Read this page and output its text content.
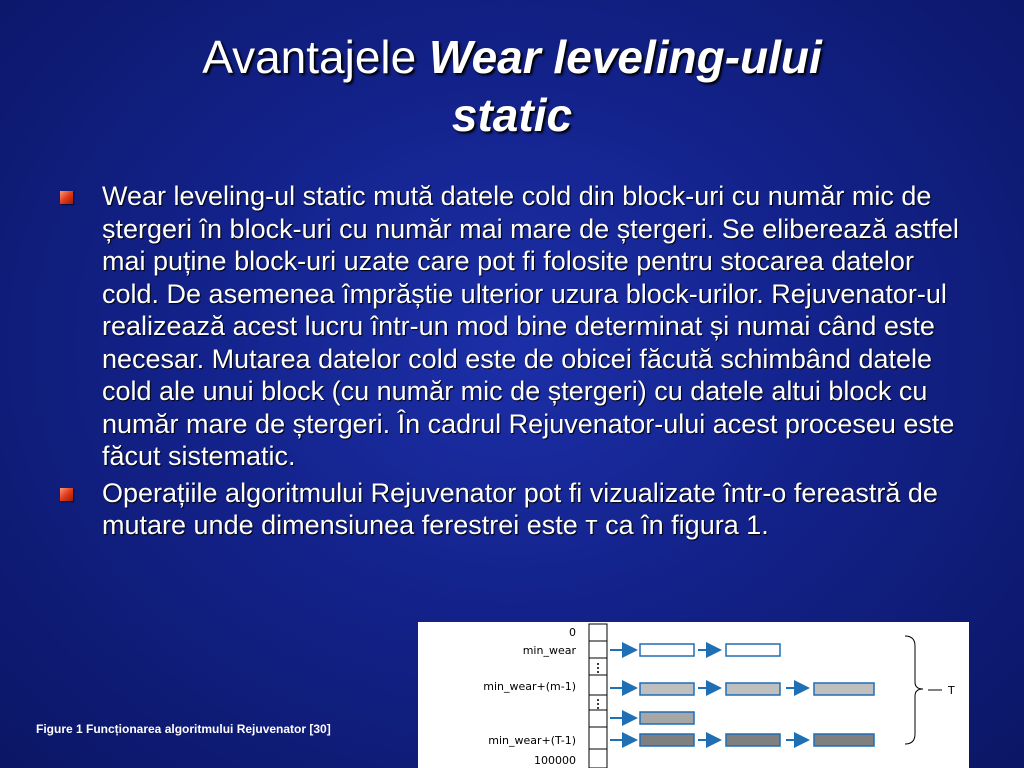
Avantajele Wear leveling-ului
static
Wear leveling-ul static mută datele cold din block-uri cu număr mic de ștergeri în block-uri cu număr mai mare de ștergeri. Se eliberează astfel mai puține block-uri uzate care pot fi folosite pentru stocarea datelor cold. De asemenea împrăștie ulterior uzura block-urilor. Rejuvenator-ul realizează acest lucru într-un mod bine determinat și numai când este necesar. Mutarea datelor cold este de obicei făcută schimbând datele cold ale unui block (cu număr mic de ștergeri) cu datele altui block cu număr mare de ștergeri. În cadrul Rejuvenator-ului acest proceseu este făcut sistematic.
Operațiile algoritmului Rejuvenator pot fi vizualizate într-o fereastră de mutare unde dimensiunea ferestrei este ᴛ ca în figura 1.
Figure 1 Funcționarea algoritmului Rejuvenator [30]
0
min_wear
min_wear+(m-1)
min_wear+(T-1)
100000
T
